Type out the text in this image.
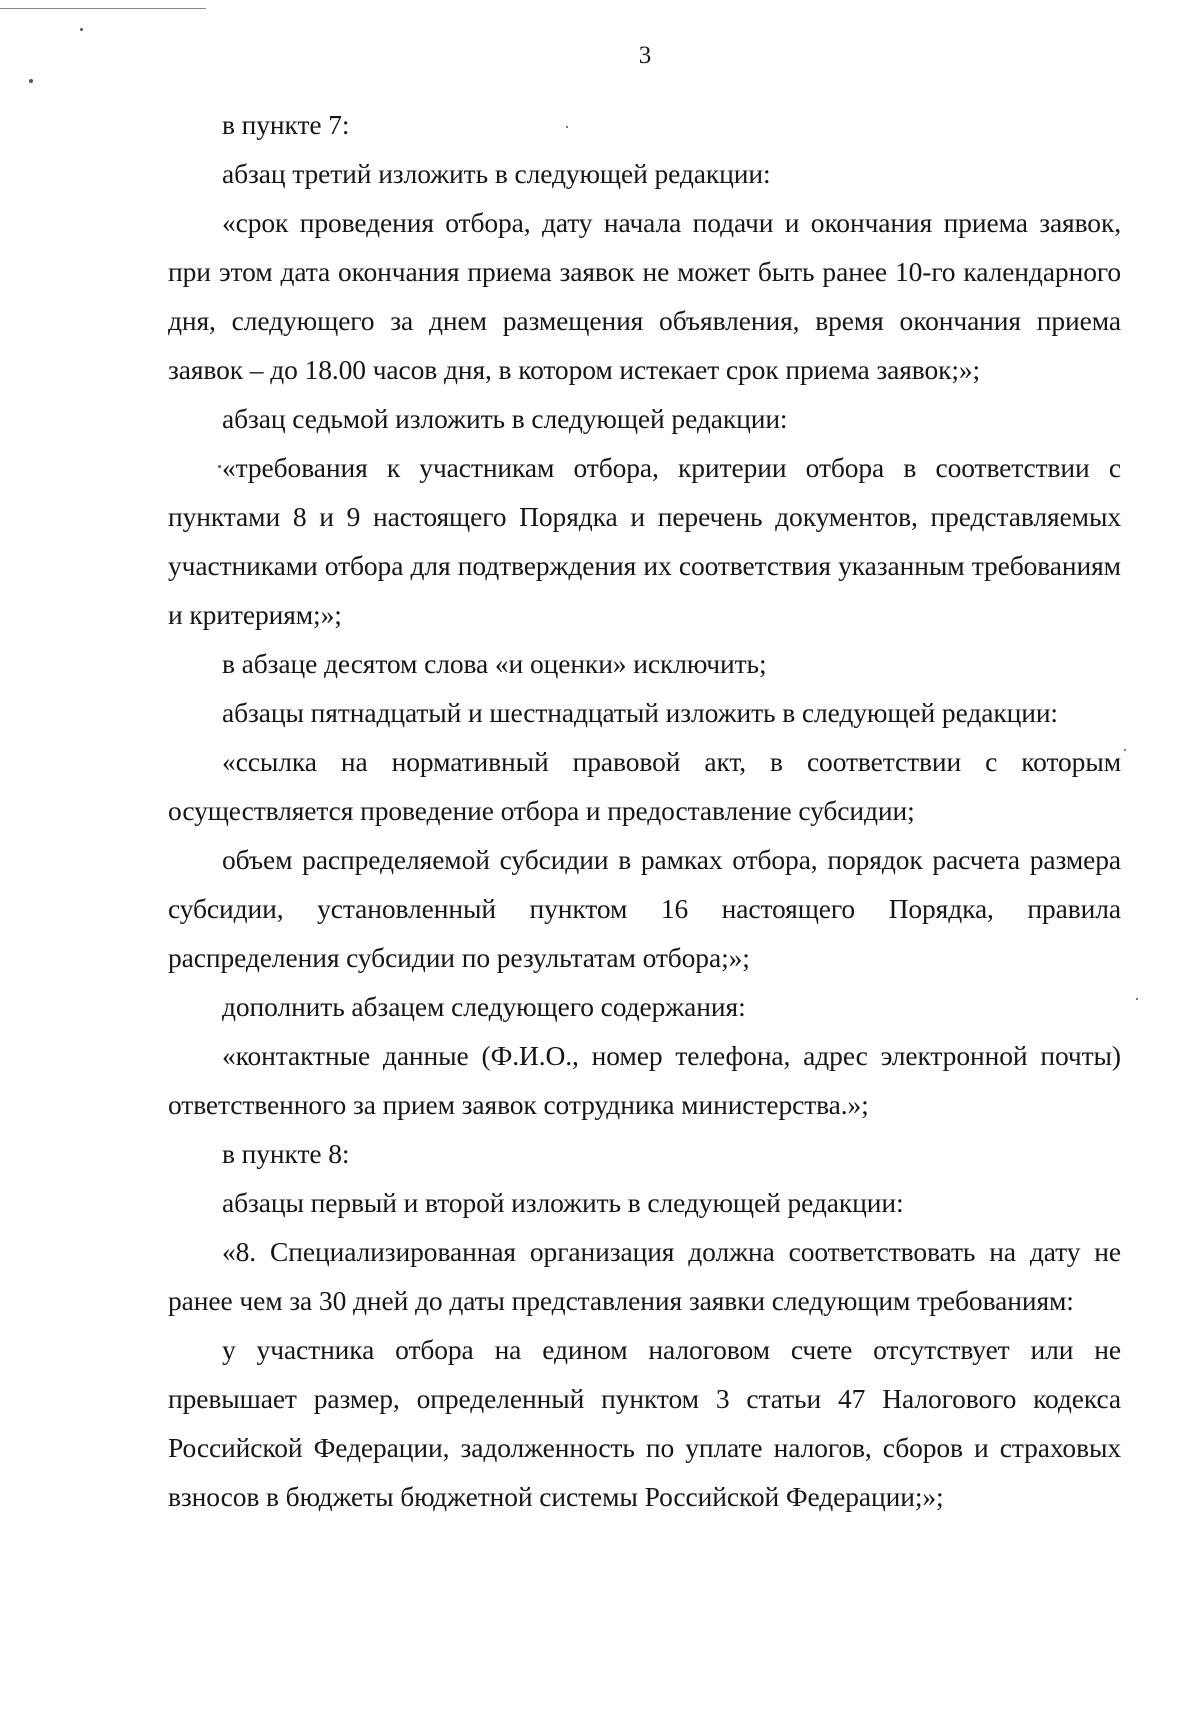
3

в пункте 7:

абзац третий изложить в следующей редакции:

«срок проведения отбора, дату начала подачи и окончания приема заявок, при этом дата окончания приема заявок не может быть ранее 10-го календарного дня, следующего за днем размещения объявления, время окончания приема заявок – до 18.00 часов дня, в котором истекает срок приема заявок;»;

абзац седьмой изложить в следующей редакции:

«требования к участникам отбора, критерии отбора в соответствии с пунктами 8 и 9 настоящего Порядка и перечень документов, представляемых участниками отбора для подтверждения их соответствия указанным требованиям и критериям;»;

в абзаце десятом слова «и оценки» исключить;

абзацы пятнадцатый и шестнадцатый изложить в следующей редакции:

«ссылка на нормативный правовой акт, в соответствии с которым осуществляется проведение отбора и предоставление субсидии;

объем распределяемой субсидии в рамках отбора, порядок расчета размера субсидии, установленный пунктом 16 настоящего Порядка, правила распределения субсидии по результатам отбора;»;

дополнить абзацем следующего содержания:

«контактные данные (Ф.И.О., номер телефона, адрес электронной почты) ответственного за прием заявок сотрудника министерства.»;

в пункте 8:

абзацы первый и второй изложить в следующей редакции:

«8. Специализированная организация должна соответствовать на дату не ранее чем за 30 дней до даты представления заявки следующим требованиям:

у участника отбора на едином налоговом счете отсутствует или не превышает размер, определенный пунктом 3 статьи 47 Налогового кодекса Российской Федерации, задолженность по уплате налогов, сборов и страховых взносов в бюджеты бюджетной системы Российской Федерации;»;
